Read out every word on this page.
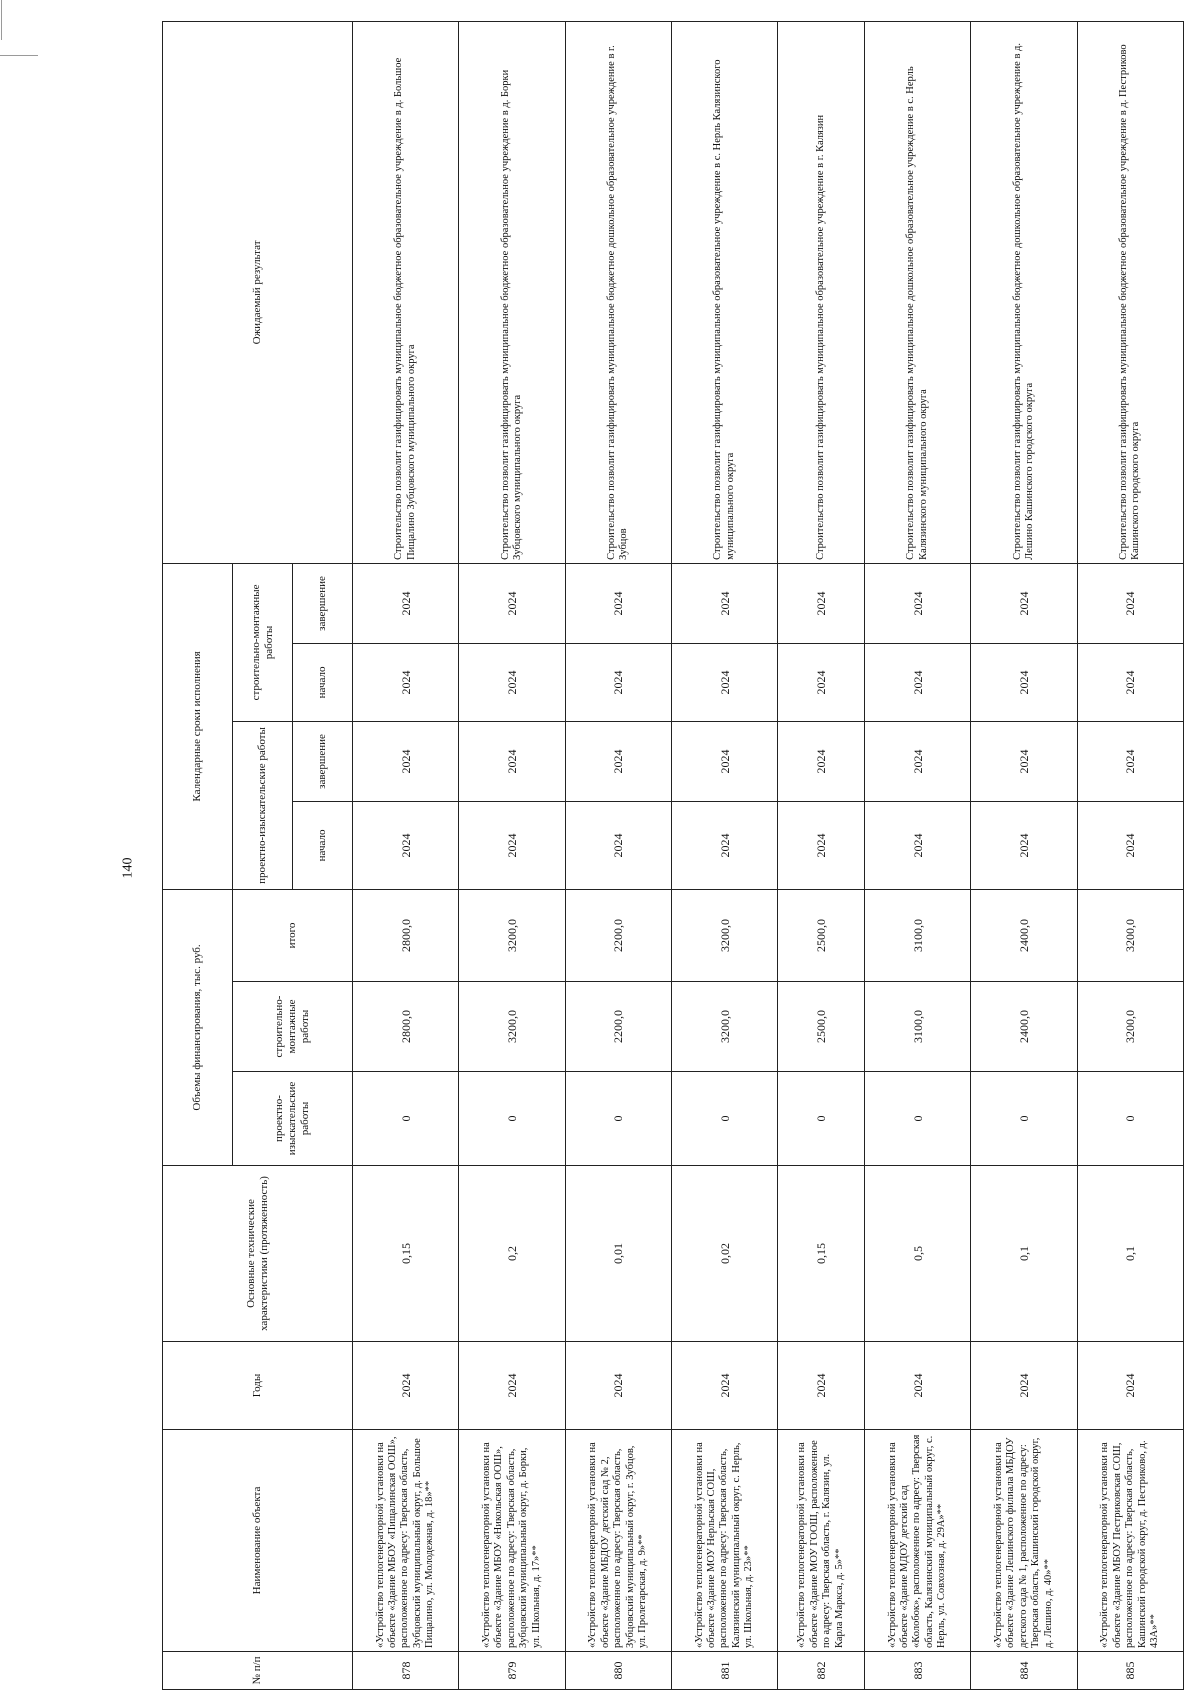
140
№ п/п	Наименование объекта	Годы	Основные технические характеристики (протяженность)	Объемы финансирования, тыс. руб.			Календарные сроки исполнения				Ожидаемый результат
				проектно-изыскательские работы	строительно-монтажные работы	итого	проектно-изыскательские работы		строительно-монтажные работы		
							начало	завершение	начало	завершение	
878	«Устройство теплогенераторной установки на объекте «Здание МБОУ «Пищалинская ООШ», расположенное по адресу: Тверская область, Зубцовский муниципальный округ, д. Большое Пищалино, ул. Молодежная, д. 18»**	2024	0,15	0	2800,0	2800,0	2024	2024	2024	2024	Строительство позволит газифицировать муниципальное бюджетное образовательное учреждение в д. Большое Пищалино Зубцовского муниципального округа
879	«Устройство теплогенераторной установки на объекте «Здание МБОУ «Никольская ООШ», расположенное по адресу: Тверская область, Зубцовский муниципальный округ, д. Борки, ул. Школьная, д. 17»**	2024	0,2	0	3200,0	3200,0	2024	2024	2024	2024	Строительство позволит газифицировать муниципальное бюджетное образовательное учреждение в д. Борки Зубцовского муниципального округа
880	«Устройство теплогенераторной установки на объекте «Здание МБДОУ детский сад № 2, расположенное по адресу: Тверская область, Зубцовский муниципальный округ, г. Зубцов, ул. Пролетарская, д. 9»**	2024	0,01	0	2200,0	2200,0	2024	2024	2024	2024	Строительство позволит газифицировать муниципальное бюджетное дошкольное образовательное учреждение в г. Зубцов
881	«Устройство теплогенераторной установки на объекте «Здание МОУ Нерльская СОШ, расположенное по адресу: Тверская область, Калязинский муниципальный округ, с. Нерль, ул. Школьная, д. 23»**	2024	0,02	0	3200,0	3200,0	2024	2024	2024	2024	Строительство позволит газифицировать муниципальное образовательное учреждение в с. Нерль Калязинского муниципального округа
882	«Устройство теплогенераторной установки на объекте «Здание МОУ ГООШ, расположенное по адресу: Тверская область, г. Калязин, ул. Карла Маркса, д. 5»**	2024	0,15	0	2500,0	2500,0	2024	2024	2024	2024	Строительство позволит газифицировать муниципальное образовательное учреждение в г. Калязин
883	«Устройство теплогенераторной установки на объекте «Здание МДОУ детский сад «Колобок», расположенное по адресу: Тверская область, Калязинский муниципальный округ, с. Нерль, ул. Совхозная, д. 29А»**	2024	0,5	0	3100,0	3100,0	2024	2024	2024	2024	Строительство позволит газифицировать муниципальное дошкольное образовательное учреждение в с. Нерль Калязинского муниципального округа
884	«Устройство теплогенераторной установки на объекте «Здание Лешинского филиала МБДОУ детского сада № 1, расположенное по адресу: Тверская область, Кашинский городской округ, д. Лешино, д. 40»**	2024	0,1	0	2400,0	2400,0	2024	2024	2024	2024	Строительство позволит газифицировать муниципальное бюджетное дошкольное образовательное учреждение в д. Лешино Кашинского городского округа
885	«Устройство теплогенераторной установки на объекте «Здание МБОУ Пестриковская СОШ, расположенное по адресу: Тверская область, Кашинский городской округ, д. Пестриково, д. 43А»**	2024	0,1	0	3200,0	3200,0	2024	2024	2024	2024	Строительство позволит газифицировать муниципальное бюджетное образовательное учреждение в д. Пестриково Кашинского городского округа
